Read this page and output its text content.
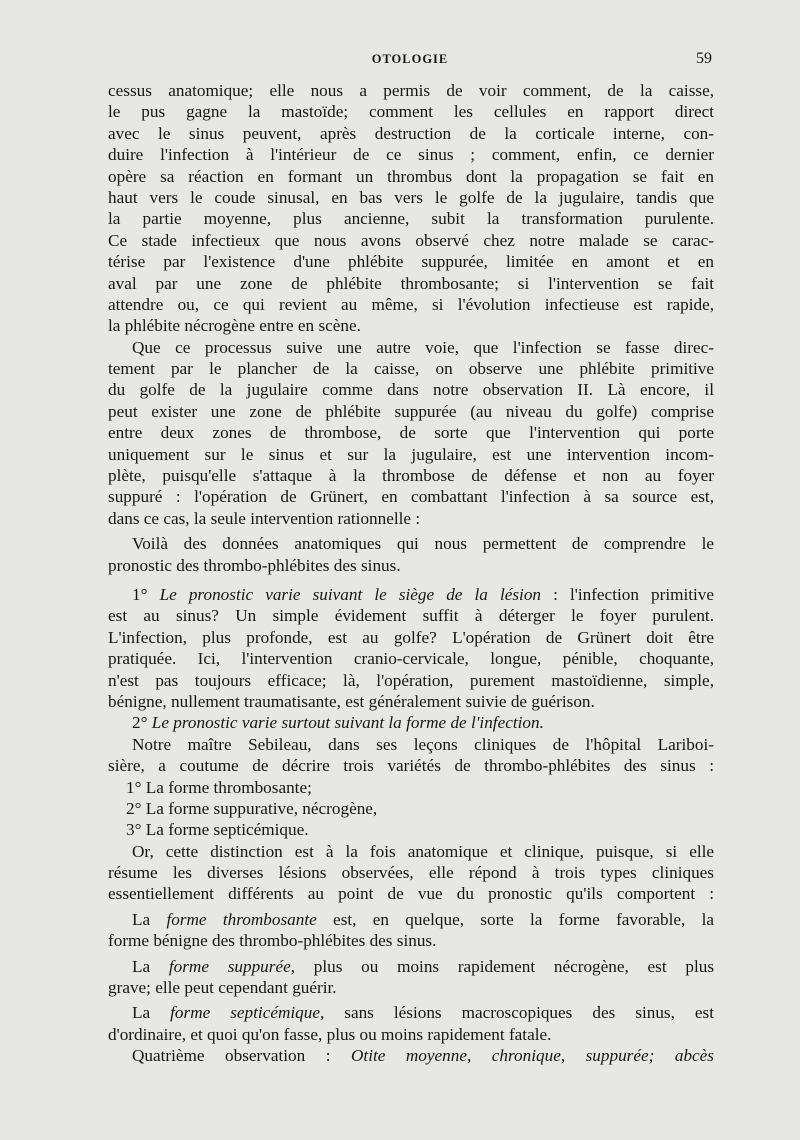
OTOLOGIE	59
cessus anatomique; elle nous a permis de voir comment, de la caisse,
le pus gagne la mastoïde; comment les cellules en rapport direct
avec le sinus peuvent, après destruction de la corticale interne, con-
duire l'infection à l'intérieur de ce sinus ; comment, enfin, ce dernier
opère sa réaction en formant un thrombus dont la propagation se fait en
haut vers le coude sinusal, en bas vers le golfe de la jugulaire, tandis que
la partie moyenne, plus ancienne, subit la transformation purulente.
Ce stade infectieux que nous avons observé chez notre malade se carac-
térise par l'existence d'une phlébite suppurée, limitée en amont et en
aval par une zone de phlébite thrombosante; si l'intervention se fait
attendre ou, ce qui revient au même, si l'évolution infectieuse est rapide,
la phlébite nécrogène entre en scène.
Que ce processus suive une autre voie, que l'infection se fasse direc-
tement par le plancher de la caisse, on observe une phlébite primitive
du golfe de la jugulaire comme dans notre observation II. Là encore, il
peut exister une zone de phlébite suppurée (au niveau du golfe) comprise
entre deux zones de thrombose, de sorte que l'intervention qui porte
uniquement sur le sinus et sur la jugulaire, est une intervention incom-
plète, puisqu'elle s'attaque à la thrombose de défense et non au foyer
suppuré : l'opération de Grünert, en combattant l'infection à sa source est,
dans ce cas, la seule intervention rationnelle :
Voilà des données anatomiques qui nous permettent de comprendre le
pronostic des thrombo-phlébites des sinus.
1° Le pronostic varie suivant le siège de la lésion : l'infection primitive
est au sinus? Un simple évidement suffit à déterger le foyer purulent.
L'infection, plus profonde, est au golfe? L'opération de Grünert doit être
pratiquée. Ici, l'intervention cranio-cervicale, longue, pénible, choquante,
n'est pas toujours efficace; là, l'opération, purement mastoïdienne, simple,
bénigne, nullement traumatisante, est généralement suivie de guérison.
2° Le pronostic varie surtout suivant la forme de l'infection.
Notre maître Sebileau, dans ses leçons cliniques de l'hôpital Lariboi-
sière, a coutume de décrire trois variétés de thrombo-phlébites des sinus :
1° La forme thrombosante;
2° La forme suppurative, nécrogène,
3° La forme septicémique.
Or, cette distinction est à la fois anatomique et clinique, puisque, si elle
résume les diverses lésions observées, elle répond à trois types cliniques
essentiellement différents au point de vue du pronostic qu'ils comportent :
La forme thrombosante est, en quelque, sorte la forme favorable, la
forme bénigne des thrombo-phlébites des sinus.
La forme suppurée, plus ou moins rapidement nécrogène, est plus
grave; elle peut cependant guérir.
La forme septicémique, sans lésions macroscopiques des sinus, est
d'ordinaire, et quoi qu'on fasse, plus ou moins rapidement fatale.
Quatrième observation : Otite moyenne, chronique, suppurée; abcès
